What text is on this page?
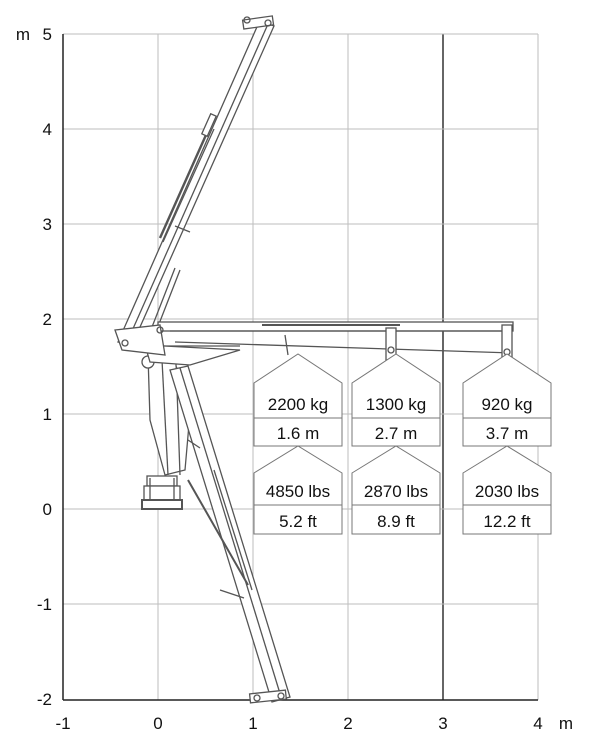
m 5
4
3
2
1
0
-1
-2
-1	0	1	2	3	4 m
2200 kg
1.6 m
4850 lbs
5.2 ft
1300 kg
2.7 m
2870 lbs
8.9 ft
920 kg
3.7 m
2030 lbs
12.2 ft
